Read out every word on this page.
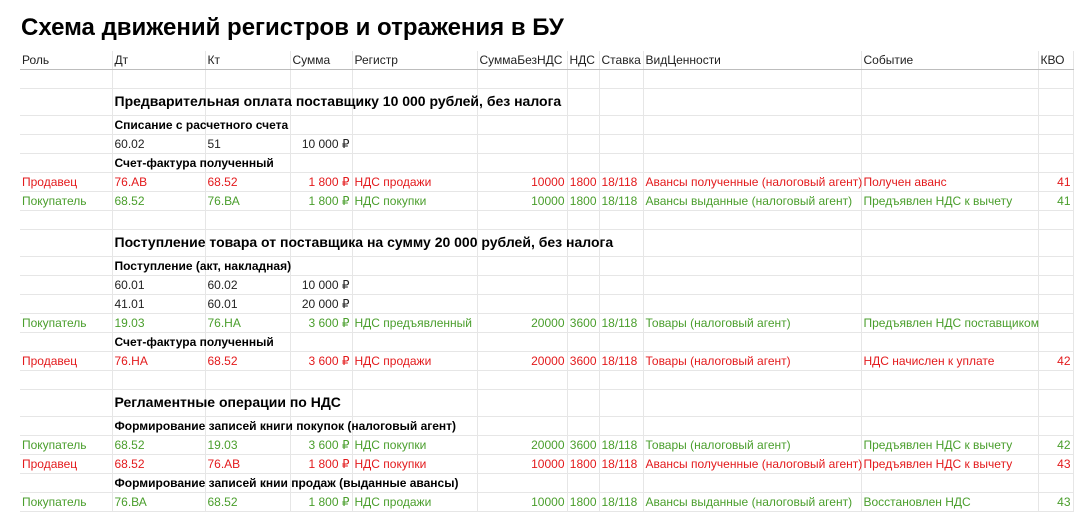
Схема движений регистров и отражения в БУ
Роль	Дт	Кт	Сумма	Регистр	СуммаБезНДС	НДС	Ставка	ВидЦенности	Событие	КВО

	Предварительная оплата поставщику 10 000 рублей, без налога									
	Списание с расчетного счета									
	60.02	51	10 000 ₽							
	Счет-фактура полученный									
Продавец	76.АВ	68.52	1 800 ₽	НДС продажи	10000	1800	18/118	Авансы полученные (налоговый агент)	Получен аванс	41
Покупатель	68.52	76.ВА	1 800 ₽	НДС покупки	10000	1800	18/118	Авансы выданные (налоговый агент)	Предъявлен НДС к вычету	41

	Поступление товара от поставщика на сумму 20 000 рублей, без налога									
	Поступление (акт, накладная)									
	60.01	60.02	10 000 ₽							
	41.01	60.01	20 000 ₽							
Покупатель	19.03	76.НА	3 600 ₽	НДС предъявленный	20000	3600	18/118	Товары (налоговый агент)	Предъявлен НДС поставщиком	
	Счет-фактура полученный									
Продавец	76.НА	68.52	3 600 ₽	НДС продажи	20000	3600	18/118	Товары (налоговый агент)	НДС начислен к уплате	42

	Регламентные операции по НДС									
	Формирование записей книги покупок (налоговый агент)									
Покупатель	68.52	19.03	3 600 ₽	НДС покупки	20000	3600	18/118	Товары (налоговый агент)	Предъявлен НДС к вычету	42
Продавец	68.52	76.АВ	1 800 ₽	НДС покупки	10000	1800	18/118	Авансы полученные (налоговый агент)	Предъявлен НДС к вычету	43
	Формирование записей книи продаж (выданные авансы)									
Покупатель	76.ВА	68.52	1 800 ₽	НДС продажи	10000	1800	18/118	Авансы выданные (налоговый агент)	Восстановлен НДС	43
